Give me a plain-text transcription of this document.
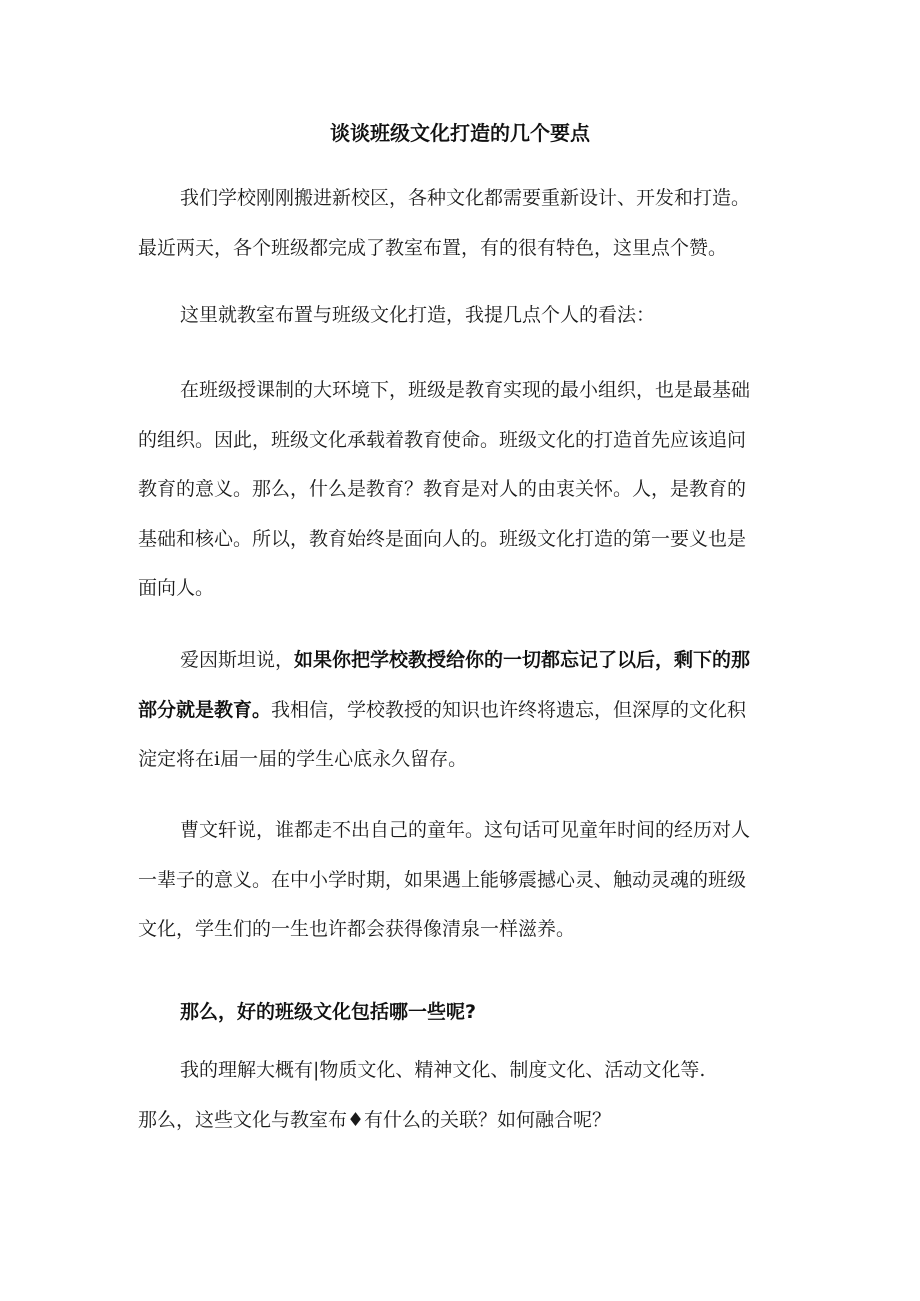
谈谈班级文化打造的几个要点
我们学校刚刚搬进新校区，各种文化都需要重新设计、开发和打造。
最近两天，各个班级都完成了教室布置，有的很有特色，这里点个赞。
这里就教室布置与班级文化打造，我提几点个人的看法：
在班级授课制的大环境下，班级是教育实现的最小组织，也是最基础
的组织。因此，班级文化承载着教育使命。班级文化的打造首先应该追问
教育的意义。那么，什么是教育？教育是对人的由衷关怀。人，是教育的
基础和核心。所以，教育始终是面向人的。班级文化打造的第一要义也是
面向人。
爱因斯坦说，如果你把学校教授给你的一切都忘记了以后，剩下的那
部分就是教育。我相信，学校教授的知识也许终将遗忘，但深厚的文化积
淀定将在i届一届的学生心底永久留存。
曹文轩说，谁都走不出自己的童年。这句话可见童年时间的经历对人
一辈子的意义。在中小学时期，如果遇上能够震撼心灵、触动灵魂的班级
文化，学生们的一生也许都会获得像清泉一样滋养。
那么，好的班级文化包括哪一些呢?
我的理解大概有|物质文化、精神文化、制度文化、活动文化等.
那么，这些文化与教室布♦有什么的关联？如何融合呢？
